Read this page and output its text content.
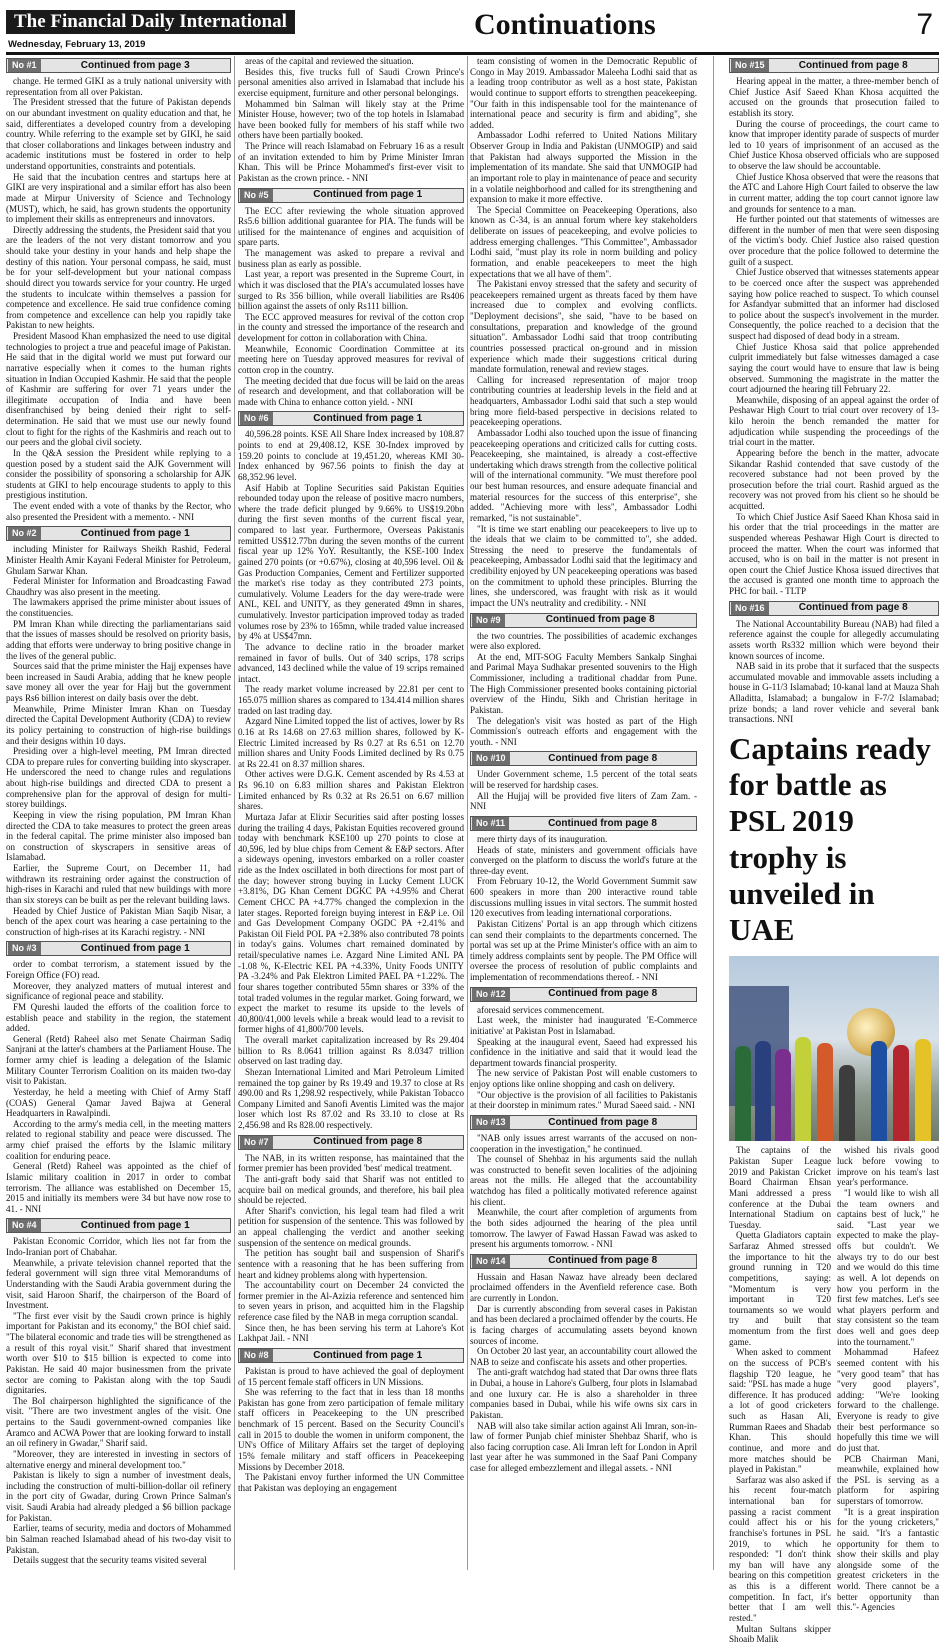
The Financial Daily International
Wednesday, February 13, 2019
Continuations	7
No #1	Continued from page 3

change. He termed GIKI as a truly national university with representation from all over Pakistan.

The President stressed that the future of Pakistan depends on our abundant investment on quality education and that, he said, differentiates a developed country from a developing country. While referring to the example set by GIKI, he said that closer collaborations and linkages between industry and academic institutions must be fostered in order to help understand opportunities, constraints and potentials.

He said that the incubation centres and startups here at GIKI are very inspirational and a similar effort has also been made at Mirpur University of Science and Technology (MUST), which, he said, has grown students the opportunity to implement their skills as entrepreneurs and innovators.

Directly addressing the students, the President said that you are the leaders of the not very distant tomorrow and you should take your destiny in your hands and help shape the destiny of this nation. Your personal compass, he said, must be for your self-development but your national compass should direct you towards service for your country. He urged the students to inculcate within themselves a passion for competence and excellence. He said true confidence coming from competence and excellence can help you rapidly take Pakistan to new heights.

President Masood Khan emphasized the need to use digital technologies to project a true and peaceful image of Pakistan. He said that in the digital world we must put forward our narrative especially when it comes to the human rights situation in Indian Occupied Kashmir. He said that the people of Kashmir are suffering for over 71 years under the illegitimate occupation of India and have been disenfranchised by being denied their right to self-determination. He said that we must use our newly found clout to fight for the rights of the Kashmiris and reach out to our peers and the global civil society.

In the Q&A session the President while replying to a question posed by a student said the AJK Government will consider the possibility of sponsoring a scholarship for AJK students at GIKI to help encourage students to apply to this prestigious institution.

The event ended with a vote of thanks by the Rector, who also presented the President with a memento. - NNI

No #2	Continued from page 1

including Minister for Railways Sheikh Rashid, Federal Minister Health Amir Kayani Federal Minister for Petroleum, Ghulam Sarwar Khan.

Federal Minister for Information and Broadcasting Fawad Chaudhry was also present in the meeting.

The lawmakers apprised the prime minister about issues of the constituencies.

PM Imran Khan while directing the parliamentarians said that the issues of masses should be resolved on priority basis, adding that efforts were underway to bring positive change in the lives of the general public.

Sources said that the prime minister the Hajj expenses have been increased in Saudi Arabia, adding that he knew people save money all over the year for Hajj but the government pays Rs6 billion interest on daily basis over the debt.

Meanwhile, Prime Minister Imran Khan on Tuesday directed the Capital Development Authority (CDA) to review its policy pertaining to construction of high-rise buildings and their designs within 10 days.

Presiding over a high-level meeting, PM Imran directed CDA to prepare rules for converting building into skyscraper. He underscored the need to change rules and regulations about high-rise buildings and directed CDA to present a comprehensive plan for the approval of design for multi-storey buildings.

Keeping in view the rising population, PM Imran Khan directed the CDA to take measures to protect the green areas in the federal capital. The prime minister also imposed ban on construction of skyscrapers in sensitive areas of Islamabad.

Earlier, the Supreme Court, on December 11, had withdrawn its restraining order against the construction of high-rises in Karachi and ruled that new buildings with more than six storeys can be built as per the relevant building laws.

Headed by Chief Justice of Pakistan Mian Saqib Nisar, a bench of the apex court was hearing a case pertaining to the construction of high-rises at its Karachi registry. - NNI

No #3	Continued from page 1

order to combat terrorism, a statement issued by the Foreign Office (FO) read.

Moreover, they analyzed matters of mutual interest and significance of regional peace and stability.

FM Qureshi lauded the efforts of the coalition force to establish peace and stability in the region, the statement added.

General (Retd) Raheel also met Senate Chairman Sadiq Sanjrani at the latter's chambers at the Parliament House. The former army chief is leading a delegation of the Islamic Military Counter Terrorism Coalition on its maiden two-day visit to Pakistan.

Yesterday, he held a meeting with Chief of Army Staff (COAS) General Qamar Javed Bajwa at General Headquarters in Rawalpindi.

According to the army's media cell, in the meeting matters related to regional stability and peace were discussed. The army chief praised the efforts by the Islamic military coalition for enduring peace.

General (Retd) Raheel was appointed as the chief of Islamic military coalition in 2017 in order to combat terrorism. The alliance was established on December 15, 2015 and initially its members were 34 but have now rose to 41. - NNI

No #4	Continued from page 1

Pakistan Economic Corridor, which lies not far from the Indo-Iranian port of Chabahar.

Meanwhile, a private television channel reported that the federal government will sign three vital Memorandums of Understanding with the Saudi Arabia government during the visit, said Haroon Sharif, the chairperson of the Board of Investment.

"The first ever visit by the Saudi crown prince is highly important for Pakistan and its economy," the BOI chief said. "The bilateral economic and trade ties will be strengthened as a result of this royal visit." Sharif shared that investment worth over $10 to $15 billion is expected to come into Pakistan. He said 40 major businessmen from the private sector are coming to Pakistan along with the top Saudi dignitaries.

The BoI chairperson highlighted the significance of the visit. "There are two investment angles of the visit. One pertains to the Saudi government-owned companies like Aramco and ACWA Power that are looking forward to install an oil refinery in Gwadar," Sharif said.

"Moreover, they are interested in investing in sectors of alternative energy and mineral development too."

Pakistan is likely to sign a number of investment deals, including the construction of multi-billion-dollar oil refinery in the port city of Gwadar, during Crown Prince Salman's visit. Saudi Arabia had already pledged a $6 billion package for Pakistan.

Earlier, teams of security, media and doctors of Mohammed bin Salman reached Islamabad ahead of his two-day visit to Pakistan.

Details suggest that the security teams visited several

areas of the capital and reviewed the situation.

Besides this, five trucks full of Saudi Crown Prince's personal amenities also arrived in Islamabad that include his exercise equipment, furniture and other personal belongings.

Mohammed bin Salman will likely stay at the Prime Minister House, however; two of the top hotels in Islamabad have been booked fully for members of his staff while two others have been partially booked.

The Prince will reach Islamabad on February 16 as a result of an invitation extended to him by Prime Minister Imran Khan. This will be Prince Mohammed's first-ever visit to Pakistan as the crown prince. - NNI

No #5	Continued from page 1

The ECC after reviewing the whole situation approved Rs5.6 billion additional guarantee for PIA. The funds will be utilised for the maintenance of engines and acquisition of spare parts.

The management was asked to prepare a revival and business plan as early as possible.

Last year, a report was presented in the Supreme Court, in which it was disclosed that the PIA's accumulated losses have surged to Rs 356 billion, while overall liabilities are Rs406 billion against the assets of only Rs111 billion.

The ECC approved measures for revival of the cotton crop in the county and stressed the importance of the research and development for cotton in collaboration with China.

Meanwhile, Economic Coordination Committee at its meeting here on Tuesday approved measures for revival of cotton crop in the country.

The meeting decided that due focus will be laid on the areas of research and development, and that collaboration will be made with China to enhance cotton yield. - NNI

No #6	Continued from page 1

40,596.28 points. KSE All Share Index increased by 108.87 points to end at 29,408.12, KSE 30-Index improved by 159.20 points to conclude at 19,451.20, whereas KMI 30-Index enhanced by 967.56 points to finish the day at 68,352.96 level.

Asif Habib at Topline Securities said Pakistan Equities rebounded today upon the release of positive macro numbers, where the trade deficit plunged by 9.66% to US$19.20bn during the first seven months of the current fiscal year, compared to last year. Furthermore, Overseas Pakistanis remitted US$12.77bn during the seven months of the current fiscal year up 12% YoY. Resultantly, the KSE-100 Index gained 270 points (or +0.67%), closing at 40,596 level. Oil & Gas Production Companies, Cement and Fertilizer supported the market's rise today as they contributed 273 points, cumulatively. Volume Leaders for the day were-trade were ANL, KEL and UNITY, as they generated 49mn in shares, cumulatively. Investor participation improved today as traded volumes rose by 23% to 165mn, while traded value increased by 4% at US$47mn.

The advance to decline ratio in the broader market remained in favor of bulls. Out of 340 scrips, 178 scrips advanced, 143 declined while the value of 19 scrips remained intact.

The ready market volume increased by 22.81 per cent to 165.075 million shares as compared to 134.414 million shares traded on last trading day.

Azgard Nine Limited topped the list of actives, lower by Rs 0.16 at Rs 14.68 on 27.63 million shares, followed by K-Electric Limited increased by Rs 0.27 at Rs 6.51 on 12.70 million shares and Unity Foods Limited declined by Rs 0.75 at Rs 22.41 on 8.37 million shares.

Other actives were D.G.K. Cement ascended by Rs 4.53 at Rs 96.10 on 6.83 million shares and Pakistan Elektron Limited enhanced by Rs 0.32 at Rs 26.51 on 6.67 million shares.

Murtaza Jafar at Elixir Securities said after posting losses during the trailing 4 days, Pakistan Equities recovered ground today with benchmark KSE100 up 270 points to close at 40,596, led by blue chips from Cement & E&P sectors. After a sideways opening, investors embarked on a roller coaster ride as the Index oscillated in both directions for most part of the day; however strong buying in Lucky Cement LUCK +3.81%, DG Khan Cement DGKC PA +4.95% and Cherat Cement CHCC PA +4.77% changed the complexion in the later stages. Reported foreign buying interest in E&P i.e. Oil and Gas Development Company OGDC PA +2.41% and Pakistan Oil Field POL PA +2.38% also contributed 78 points in today's gains. Volumes chart remained dominated by retail/speculative names i.e. Azgard Nine Limited ANL PA -1.08 %, K-Electric KEL PA +4.33%, Unity Foods UNITY PA -3.24% and Pak Elektron Limited PAEL PA +1.22%. The four shares together contributed 55mn shares or 33% of the total traded volumes in the regular market. Going forward, we expect the market to resume its upside to the levels of 40,800/41,000 levels while a break would lead to a revisit to former highs of 41,800/700 levels.

The overall market capitalization increased by Rs 29.404 billion to Rs 8.0641 trillion against Rs 8.0347 trillion observed on last trading day.

Shezan International Limited and Mari Petroleum Limited remained the top gainer by Rs 19.49 and 19.37 to close at Rs 490.00 and Rs 1,298.92 respectively, while Pakistan Tobacco Company Limited and Sanofi Aventis Limited was the major loser which lost Rs 87.02 and Rs 33.10 to close at Rs 2,456.98 and Rs 828.00 respectively.

No #7	Continued from page 8

The NAB, in its written response, has maintained that the former premier has been provided 'best' medical treatment.

The anti-graft body said that Sharif was not entitled to acquire bail on medical grounds, and therefore, his bail plea should be rejected.

After Sharif's conviction, his legal team had filed a writ petition for suspension of the sentence. This was followed by an appeal challenging the verdict and another seeking suspension of the sentence on medical grounds.

The petition has sought bail and suspension of Sharif's sentence with a reasoning that he has been suffering from heart and kidney problems along with hypertension.

The accountability court on December 24 convicted the former premier in the Al-Azizia reference and sentenced him to seven years in prison, and acquitted him in the Flagship reference case filed by the NAB in mega corruption scandal.

Since then, he has been serving his term at Lahore's Kot Lakhpat Jail. - NNI

No #8	Continued from page 1

Pakistan is proud to have achieved the goal of deployment of 15 percent female staff officers in UN Missions.

She was referring to the fact that in less than 18 months Pakistan has gone from zero participation of female military staff officers in Peacekeeping to the UN prescribed benchmark of 15 percent. Based on the Security Council's call in 2015 to double the women in uniform component, the UN's Office of Military Affairs set the target of deploying 15% female military and staff officers in Peacekeeping Missions by December 2018.

The Pakistani envoy further informed the UN Committee that Pakistan was deploying an engagement

team consisting of women in the Democratic Republic of Congo in May 2019. Ambassador Maleeha Lodhi said that as a leading troop contributor as well as a host state, Pakistan would continue to support efforts to strengthen peacekeeping. "Our faith in this indispensable tool for the maintenance of international peace and security is firm and abiding", she added.

Ambassador Lodhi referred to United Nations Military Observer Group in India and Pakistan (UNMOGIP) and said that Pakistan had always supported the Mission in the implementation of its mandate. She said that UNMOGIP had an important role to play in maintenance of peace and security in a volatile neighborhood and called for its strengthening and expansion to make it more effective.

The Special Committee on Peacekeeping Operations, also known as C-34, is an annual forum where key stakeholders deliberate on issues of peacekeeping, and evolve policies to address emerging challenges. "This Committee", Ambassador Lodhi said, "must play its role in norm building and policy formation, and enable peacekeepers to meet the high expectations that we all have of them".

The Pakistani envoy stressed that the safety and security of peacekeepers remained urgent as threats faced by them have increased due to complex and evolving conflicts. "Deployment decisions", she said, "have to be based on consultations, preparation and knowledge of the ground situation". Ambassador Lodhi said that troop contributing countries possessed practical on-ground and in mission experience which made their suggestions critical during mandate formulation, renewal and review stages.

Calling for increased representation of major troop contributing countries at leadership levels in the field and at headquarters, Ambassador Lodhi said that such a step would bring more field-based perspective in decisions related to peacekeeping operations.

Ambassador Lodhi also touched upon the issue of financing peacekeeping operations and criticized calls for cutting costs. Peacekeeping, she maintained, is already a cost-effective undertaking which draws strength from the collective political will of the international community. "We must therefore pool our best human resources, and ensure adequate financial and material resources for the success of this enterprise", she added. "Achieving more with less", Ambassador Lodhi remarked, "is not sustainable".

"It is time we start enabling our peacekeepers to live up to the ideals that we claim to be committed to", she added. Stressing the need to preserve the fundamentals of peacekeeping, Ambassador Lodhi said that the legitimacy and credibility enjoyed by UN peacekeeping operations was based on the commitment to uphold these principles. Blurring the lines, she underscored, was fraught with risk as it would impact the UN's neutrality and credibility. - NNI

No #9	Continued from page 8

the two countries. The possibilities of academic exchanges were also explored.

At the end, MIT-SOG Faculty Members Sankalp Singhai and Parimal Maya Sudhakar presented souvenirs to the High Commissioner, including a traditional chaddar from Pune. The High Commissioner presented books containing pictorial overview of the Hindu, Sikh and Christian heritage in Pakistan.

The delegation's visit was hosted as part of the High Commission's outreach efforts and engagement with the youth. - NNI

No #10	Continued from page 8

Under Government scheme, 1.5 percent of the total seats will be reserved for hardship cases.

All the Hujjaj will be provided five liters of Zam Zam. - NNI

No #11	Continued from page 8

mere thirty days of its inauguration.

Heads of state, ministers and government officials have converged on the platform to discuss the world's future at the three-day event.

From February 10-12, the World Government Summit saw 600 speakers in more than 200 interactive round table discussions mulling issues in vital sectors. The summit hosted 120 executives from leading international corporations.

Pakistan Citizens' Portal is an app through which citizens can send their complaints to the departments concerned. The portal was set up at the Prime Minister's office with an aim to timely address complaints sent by people. The PM Office will oversee the process of resolution of public complaints and implementation of recommendations thereof. - NNI

No #12	Continued from page 8

aforesaid services commencement.

Last week, the minister had inaugurated 'E-Commerce initiative' at Pakistan Post in Islamabad.

Speaking at the inaugural event, Saeed had expressed his confidence in the initiative and said that it would lead the department towards financial prosperity.

The new service of Pakistan Post will enable customers to enjoy options like online shopping and cash on delivery.

"Our objective is the provision of all facilities to Pakistanis at their doorstep in minimum rates." Murad Saeed said. - NNI

No #13	Continued from page 8

"NAB only issues arrest warrants of the accused on non-cooperation in the investigation," he continued.

The counsel of Shehbaz in his arguments said the nullah was constructed to benefit seven localities of the adjoining areas not the mills. He alleged that the accountability watchdog has filed a politically motivated reference against his client.

Meanwhile, the court after completion of arguments from the both sides adjourned the hearing of the plea until tomorrow. The lawyer of Fawad Hassan Fawad was asked to present his arguments tomorrow. - NNI

No #14	Continued from page 8

Hussain and Hasan Nawaz have already been declared proclaimed offenders in the Avenfield reference case. Both are currently in London.

Dar is currently absconding from several cases in Pakistan and has been declared a proclaimed offender by the courts. He is facing charges of accumulating assets beyond known sources of income.

On October 20 last year, an accountability court allowed the NAB to seize and confiscate his assets and other properties.

The anti-graft watchdog had stated that Dar owns three flats in Dubai, a house in Lahore's Gulberg, four plots in Islamabad and one luxury car. He is also a shareholder in three companies based in Dubai, while his wife owns six cars in Pakistan.

NAB will also take similar action against Ali Imran, son-in-law of former Punjab chief minister Shehbaz Sharif, who is also facing corruption case. Ali Imran left for London in April last year after he was summoned in the Saaf Pani Company case for alleged embezzlement and illegal assets. - NNI

No #15	Continued from page 8

Hearing appeal in the matter, a three-member bench of Chief Justice Asif Saeed Khan Khosa acquitted the accused on the grounds that prosecution failed to establish its story.

During the course of proceedings, the court came to know that improper identity parade of suspects of murder led to 10 years of imprisonment of an accused as the Chief Justice Khosa observed officials who are supposed to observe the law should be accountable.

Chief Justice Khosa observed that were the reasons that the ATC and Lahore High Court failed to observe the law in current matter, adding the top court cannot ignore law and grounds for sentence to a man.

He further pointed out that statements of witnesses are different in the number of men that were seen disposing of the victim's body. Chief Justice also raised question over procedure that the police followed to determine the guilt of a suspect.

Chief Justice observed that witnesses statements appear to be coerced once after the suspect was apprehended saying how police reached to suspect. To which counsel for Asfandyar submitted that an informer had disclosed to police about the suspect's involvement in the murder. Consequently, the police reached to a decision that the suspect had disposed of dead body in a stream.

Chief Justice Khosa said that police apprehended culprit immediately but false witnesses damaged a case saying the court would have to ensure that law is being observed. Summoning the magistrate in the matter the court adjourned the hearing till February 22.

Meanwhile, disposing of an appeal against the order of Peshawar High Court to trial court over recovery of 13-kilo heroin the bench remanded the matter for adjudication while suspending the proceedings of the trial court in the matter.

Appearing before the bench in the matter, advocate Sikandar Rashid contended that save custody of the recovered substance had not been proved by the prosecution before the trial court. Rashid argued as the recovery was not proved from his client so he should be acquitted.

To which Chief Justice Asif Saeed Khan Khosa said in his order that the trial proceedings in the matter are suspended whereas Peshawar High Court is directed to proceed the matter. When the court was informed that accused, who is on bail in the matter is not present in open court the Chief Justice Khosa issued directives that the accused is granted one month time to approach the PHC for bail. - TLTP

No #16	Continued from page 8

The National Accountability Bureau (NAB) had filed a reference against the couple for allegedly accumulating assets worth Rs332 million which were beyond their known sources of income.

NAB said in its probe that it surfaced that the suspects accumulated movable and immovable assets including a house in G-11/3 Islamabad; 10-kanal land at Mauza Shah Alladitta, Islamabad; a bungalow in F-7/2 Islamabad; prize bonds; a land rover vehicle and several bank transactions. NNI

Captains ready for battle as PSL 2019 trophy is unveiled in UAE

The captains of the Pakistan Super League 2019 and Pakistan Cricket Board Chairman Ehsan Mani addressed a press conference at the Dubai International Stadium on Tuesday.

Quetta Gladiators captain Sarfaraz Ahmed stressed the importance to hit the ground running in T20 competitions, saying: "Momentum is very important in T20 tournaments so we would try and built that momentum from the first game.

When asked to comment on the success of PCB's flagship T20 league, he said: "PSL has made a huge difference. It has produced a lot of good cricketers such as Hasan Ali, Rumman Raees and Shadab Khan. This should continue, and more and more matches should be played in Pakistan."

Sarfaraz was also asked if his recent four-match international ban for passing a racist comment could affect his or his franchise's fortunes in PSL 2019, to which he responded: "I don't think my ban will have any bearing on this competition as this is a different competition. In fact, it's better that I am well rested."

Multan Sultans skipper Shoaib Malik

wished his rivals good luck before vowing to improve on his team's last year's performance.

"I would like to wish all the team owners and captains best of luck," he said. "Last year we expected to make the play-offs but couldn't. We always try to do our best and we would do this time as well. A lot depends on how you perform in the first few matches. Let's see what players perform and stay consistent so the team does well and goes deep into the tournament."

Mohammad Hafeez seemed content with his "very good team" that has "very good players", adding: "We're looking forward to the challenge. Everyone is ready to give their best performance so hopefully this time we will do just that.

PCB Chairman Mani, meanwhile, explained how the PSL is serving as a platform for aspiring superstars of tomorrow.

"It is a great inspiration for the young cricketers," he said. "It's a fantastic opportunity for them to show their skills and play alongside some of the greatest cricketers in the world. There cannot be a better opportunity than this."- Agencies
